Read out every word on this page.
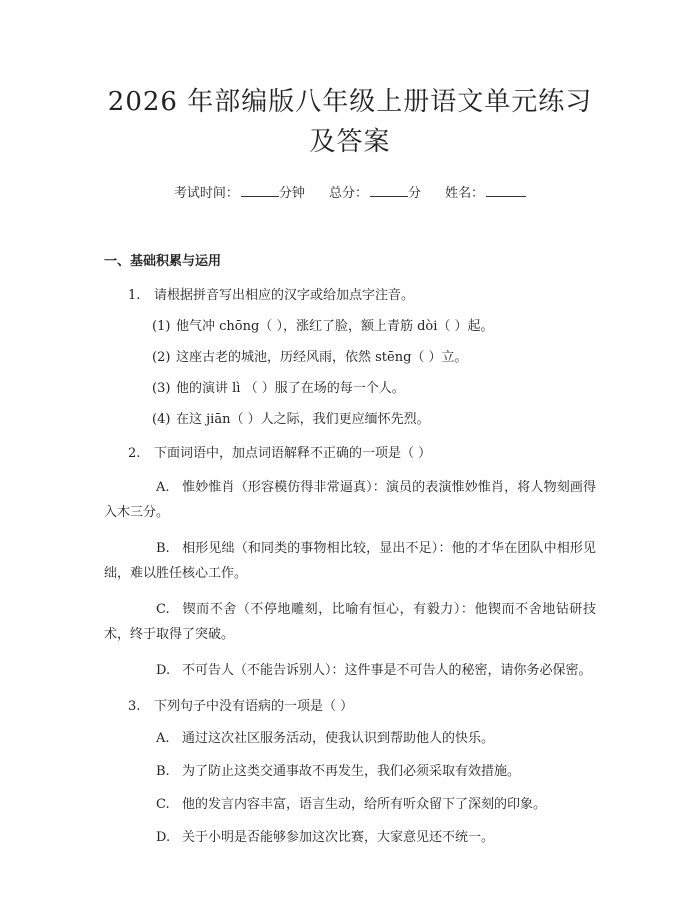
2026 年部编版八年级上册语文单元练习及答案
考试时间：	分钟 总分：	分 姓名：
一、基础积累与运用
1. 请根据拼音写出相应的汉字或给加点字注音。
(1) 他气冲 chōng（ ），涨红了脸，额上青筋 dòi（ ）起。
(2) 这座古老的城池，历经风雨，依然 stēng（ ）立。
(3) 他的演讲 lì （ ）服了在场的每一个人。
(4) 在这 jiān（ ）人之际，我们更应缅怀先烈。
2. 下面词语中，加点词语解释不正确的一项是（ ）
A. 惟妙惟肖（形容模仿得非常逼真）：演员的表演惟妙惟肖，将人物刻画得入木三分。
B. 相形见绌（和同类的事物相比较，显出不足）：他的才华在团队中相形见绌，难以胜任核心工作。
C. 锲而不舍（不停地雕刻，比喻有恒心，有毅力）：他锲而不舍地钻研技术，终于取得了突破。
D. 不可告人（不能告诉别人）：这件事是不可告人的秘密，请你务必保密。
3. 下列句子中没有语病的一项是（ ）
A. 通过这次社区服务活动，使我认识到帮助他人的快乐。
B. 为了防止这类交通事故不再发生，我们必须采取有效措施。
C. 他的发言内容丰富，语言生动，给所有听众留下了深刻的印象。
D. 关于小明是否能够参加这次比赛，大家意见还不统一。
